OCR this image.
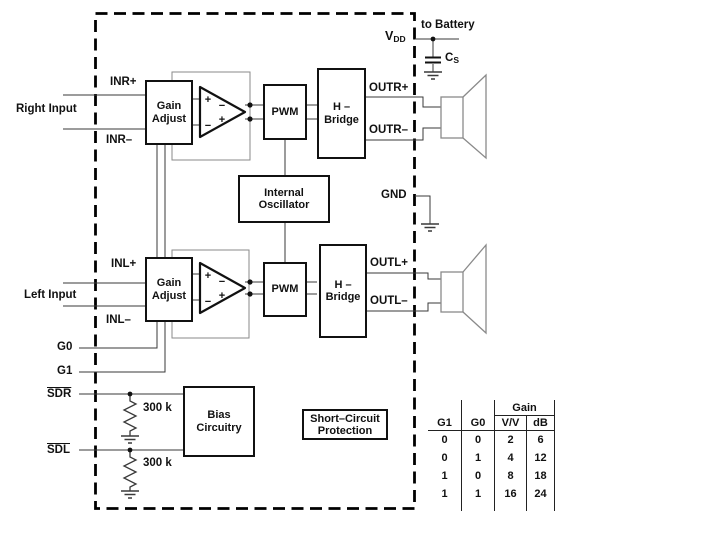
+
−
−
+
+
−
−
+
Gain
Adjust
PWM	H –
Bridge
Internal
Oscillator
Gain
Adjust
PWM	H –
Bridge
Bias
Circuitry
Short–Circuit
Protection
INR+
Right Input
INR–
INL+
Left Input
INL–
G0
G1
$\overline{SDR}$
$\overline{SDL}$
OUTR+
OUTR–
OUTL+
OUTL–
GND
$V_{DD}$
to Battery
$C_S$
300 k
300 k
Gain
G1	G0	V/V	dB
0	0	2	6
0	1	4	12
1	0	8	18
1	1	16	24
